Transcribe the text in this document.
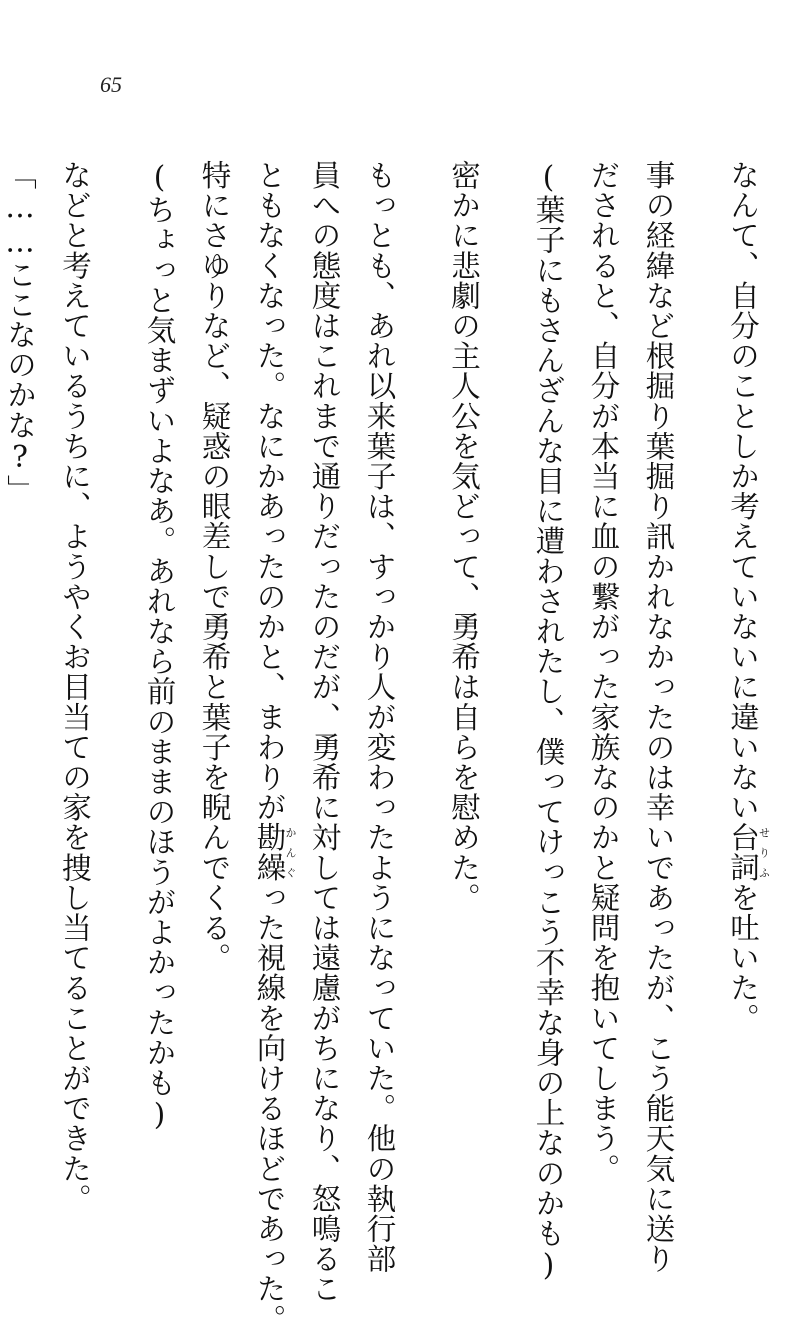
65
なんて、自分のことしか考えていないに違いない台詞せりふを吐いた。
事の経緯など根掘り葉掘り訊かれなかったのは幸いであったが、こう能天気に送り
だされると、自分が本当に血の繋がった家族なのかと疑問を抱いてしまう。
(葉子にもさんざんな目に遭わされたし、僕ってけっこう不幸な身の上なのかも)
密かに悲劇の主人公を気どって、勇希は自らを慰めた。
もっとも、あれ以来葉子は、すっかり人が変わったようになっていた。他の執行部
員への態度はこれまで通りだったのだが、勇希に対しては遠慮がちになり、怒鳴るこ
ともなくなった。なにかあったのかと、まわりが勘繰かんぐった視線を向けるほどであった。
特にさゆりなど、疑惑の眼差しで勇希と葉子を睨んでくる。
(ちょっと気まずいよなあ。あれなら前のままのほうがよかったかも)
などと考えているうちに、ようやくお目当ての家を捜し当てることができた。
「……ここなのかな?」
